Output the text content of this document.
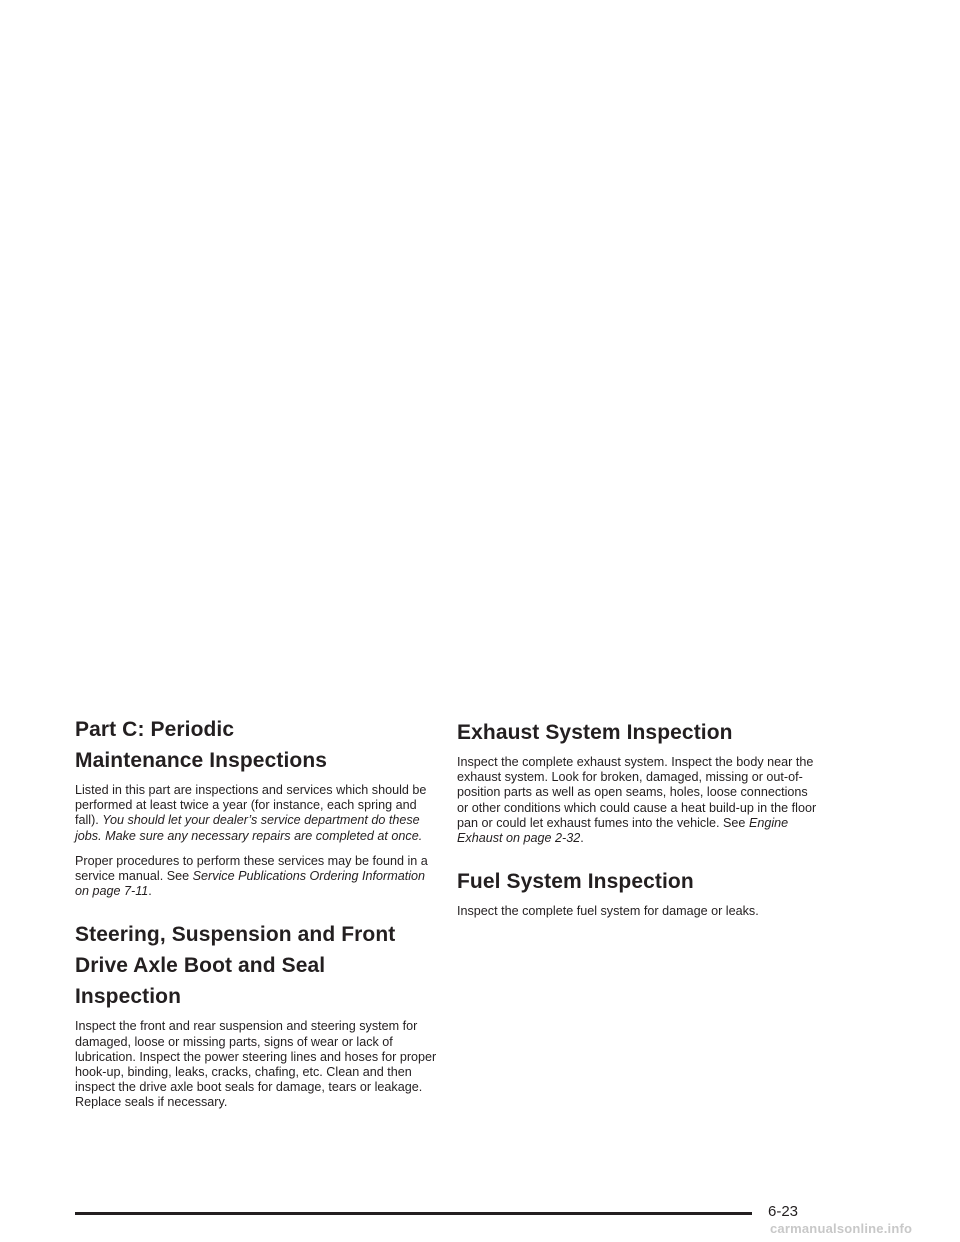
Part C: Periodic
Maintenance Inspections

Listed in this part are inspections and services which should be performed at least twice a year (for instance, each spring and fall). You should let your dealer’s service department do these jobs. Make sure any necessary repairs are completed at once.

Proper procedures to perform these services may be found in a service manual. See Service Publications Ordering Information on page 7-11.

Steering, Suspension and Front
Drive Axle Boot and Seal Inspection

Inspect the front and rear suspension and steering system for damaged, loose or missing parts, signs of wear or lack of lubrication. Inspect the power steering lines and hoses for proper hook-up, binding, leaks, cracks, chafing, etc. Clean and then inspect the drive axle boot seals for damage, tears or leakage. Replace seals if necessary.

Exhaust System Inspection

Inspect the complete exhaust system. Inspect the body near the exhaust system. Look for broken, damaged, missing or out-of-position parts as well as open seams, holes, loose connections or other conditions which could cause a heat build-up in the floor pan or could let exhaust fumes into the vehicle. See Engine Exhaust on page 2-32.

Fuel System Inspection

Inspect the complete fuel system for damage or leaks.

6-23
carmanualsonline.info
